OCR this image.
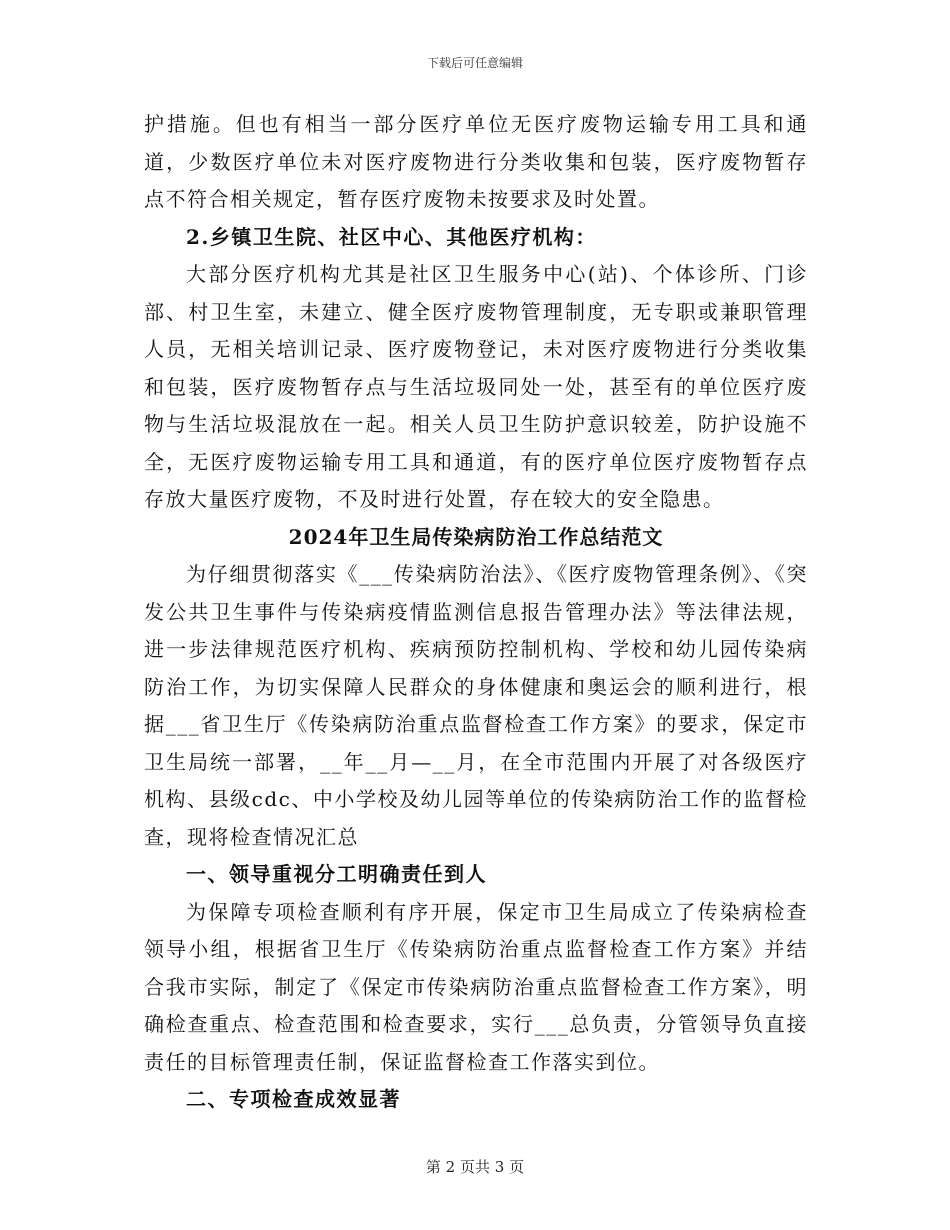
下载后可任意编辑

护措施。但也有相当一部分医疗单位无医疗废物运输专用工具和通道，少数医疗单位未对医疗废物进行分类收集和包装，医疗废物暂存点不符合相关规定，暂存医疗废物未按要求及时处置。

2.乡镇卫生院、社区中心、其他医疗机构：

大部分医疗机构尤其是社区卫生服务中心(站)、个体诊所、门诊部、村卫生室，未建立、健全医疗废物管理制度，无专职或兼职管理人员，无相关培训记录、医疗废物登记，未对医疗废物进行分类收集和包装，医疗废物暂存点与生活垃圾同处一处，甚至有的单位医疗废物与生活垃圾混放在一起。相关人员卫生防护意识较差，防护设施不全，无医疗废物运输专用工具和通道，有的医疗单位医疗废物暂存点存放大量医疗废物，不及时进行处置，存在较大的安全隐患。

2024年卫生局传染病防治工作总结范文

为仔细贯彻落实《___传染病防治法》、《医疗废物管理条例》、《突发公共卫生事件与传染病疫情监测信息报告管理办法》等法律法规，进一步法律规范医疗机构、疾病预防控制机构、学校和幼儿园传染病防治工作，为切实保障人民群众的身体健康和奥运会的顺利进行，根据___省卫生厅《传染病防治重点监督检查工作方案》的要求，保定市卫生局统一部署，__年__月—__月，在全市范围内开展了对各级医疗机构、县级cdc、中小学校及幼儿园等单位的传染病防治工作的监督检查，现将检查情况汇总

一、领导重视分工明确责任到人

为保障专项检查顺利有序开展，保定市卫生局成立了传染病检查领导小组，根据省卫生厅《传染病防治重点监督检查工作方案》并结合我市实际，制定了《保定市传染病防治重点监督检查工作方案》，明确检查重点、检查范围和检查要求，实行___总负责，分管领导负直接责任的目标管理责任制，保证监督检查工作落实到位。

二、专项检查成效显著

第 2 页共 3 页
